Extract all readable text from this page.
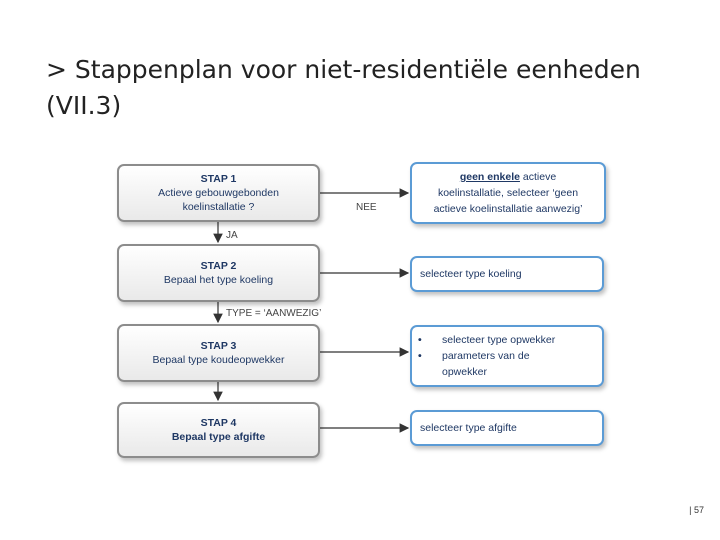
> Stappenplan voor niet-residentiële eenheden (VII.3)
STAP 1
Actieve gebouwgebonden
koelinstallatie ?
STAP 2
Bepaal het type koeling
STAP 3
Bepaal type koudeopwekker
STAP 4
Bepaal type afgifte
geen enkele actieve
koelinstallatie, selecteer ‘geen
actieve koelinstallatie aanwezig’
selecteer type koeling
•	selecteer type opwekker
•	parameters van de
opwekker
selecteer type afgifte
NEE
JA
TYPE = ‘AANWEZIG’
| 57
